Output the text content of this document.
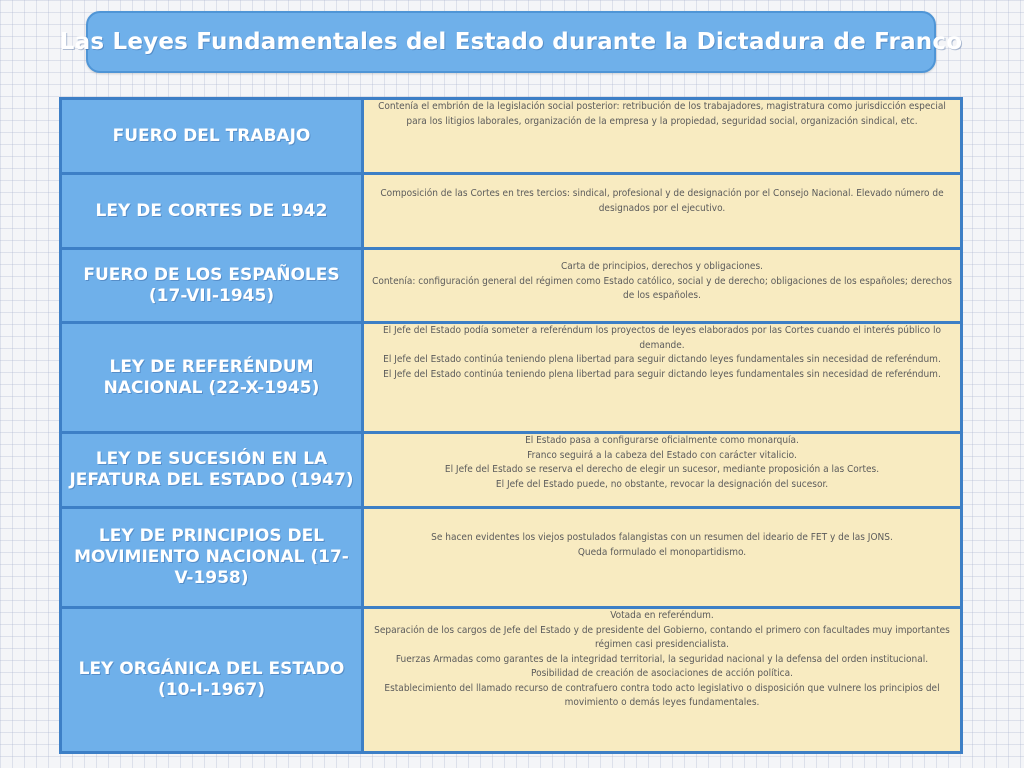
Las Leyes Fundamentales del Estado durante la Dictadura de Franco
FUERO DEL TRABAJO	Contenía el embrión de la legislación social posterior: retribución de los trabajadores, magistratura como jurisdicción especial para los litigios laborales, organización de la empresa y la propiedad, seguridad social, organización sindical, etc.

LEY DE CORTES DE 1942	Composición de las Cortes en tres tercios: sindical, profesional y de designación por el Consejo Nacional. Elevado número de designados por el ejecutivo.

FUERO DE LOS ESPAÑOLES (17-VII-1945)	Carta de principios, derechos y obligaciones.
Contenía: configuración general del régimen como Estado católico, social y de derecho; obligaciones de los españoles; derechos de los españoles.

LEY DE REFERÉNDUM NACIONAL (22-X-1945)	El Jefe del Estado podía someter a referéndum los proyectos de leyes elaborados por las Cortes cuando el interés público lo demande.
El Jefe del Estado continúa teniendo plena libertad para seguir dictando leyes fundamentales sin necesidad de referéndum.
El Jefe del Estado continúa teniendo plena libertad para seguir dictando leyes fundamentales sin necesidad de referéndum.

LEY DE SUCESIÓN EN LA JEFATURA DEL ESTADO (1947)	El Estado pasa a configurarse oficialmente como monarquía.
Franco seguirá a la cabeza del Estado con carácter vitalicio.
El Jefe del Estado se reserva el derecho de elegir un sucesor, mediante proposición a las Cortes.
El Jefe del Estado puede, no obstante, revocar la designación del sucesor.

LEY DE PRINCIPIOS DEL MOVIMIENTO NACIONAL (17-V-1958)	Se hacen evidentes los viejos postulados falangistas con un resumen del ideario de FET y de las JONS.
Queda formulado el monopartidismo.

LEY ORGÁNICA DEL ESTADO (10-I-1967)	Votada en referéndum.
Separación de los cargos de Jefe del Estado y de presidente del Gobierno, contando el primero con facultades muy importantes régimen casi presidencialista.
Fuerzas Armadas como garantes de la integridad territorial, la seguridad nacional y la defensa del orden institucional.
Posibilidad de creación de asociaciones de acción política.
Establecimiento del llamado recurso de contrafuero contra todo acto legislativo o disposición que vulnere los principios del movimiento o demás leyes fundamentales.
